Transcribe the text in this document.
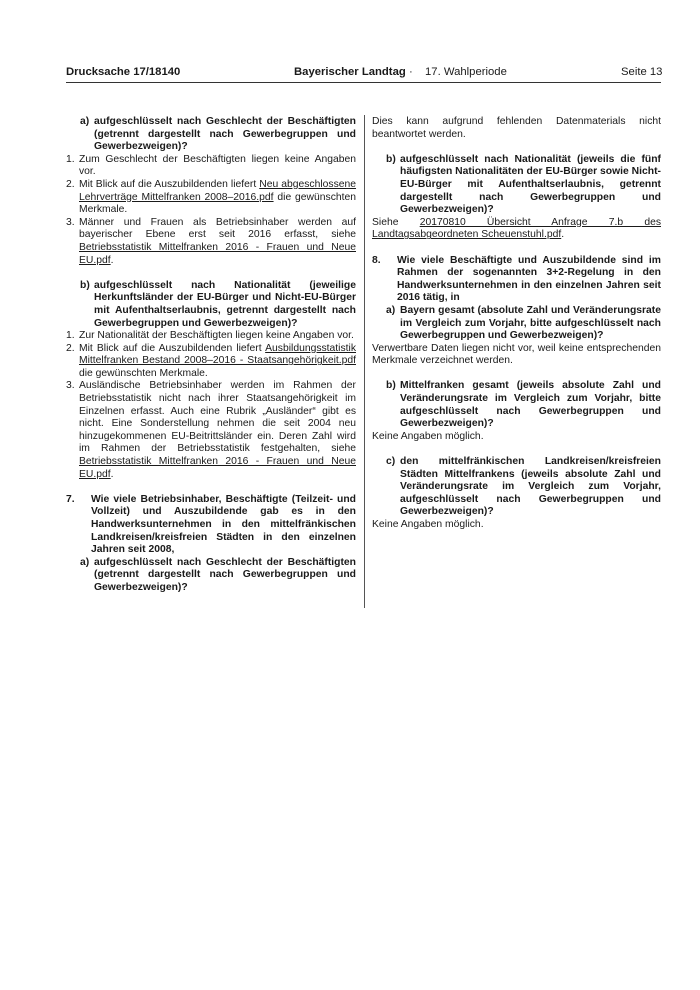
Drucksache 17/18140	Bayerischer Landtag · 17. Wahlperiode	Seite 13
a) aufgeschlüsselt nach Geschlecht der Beschäftigten (getrennt dargestellt nach Gewerbegruppen und Gewerbezweigen)?
1. Zum Geschlecht der Beschäftigten liegen keine Angaben vor.
2. Mit Blick auf die Auszubildenden liefert Neu abgeschlossene Lehrverträge Mittelfranken 2008–2016.pdf die gewünschten Merkmale.
3. Männer und Frauen als Betriebsinhaber werden auf bayerischer Ebene erst seit 2016 erfasst, siehe Betriebsstatistik Mittelfranken 2016 - Frauen und Neue EU.pdf.
b) aufgeschlüsselt nach Nationalität (jeweilige Herkunftsländer der EU-Bürger und Nicht-EU-Bürger mit Aufenthaltserlaubnis, getrennt dargestellt nach Gewerbegruppen und Gewerbezweigen)?
1. Zur Nationalität der Beschäftigten liegen keine Angaben vor.
2. Mit Blick auf die Auszubildenden liefert Ausbildungsstatistik Mittelfranken Bestand 2008–2016 - Staatsangehörigkeit.pdf die gewünschten Merkmale.
3. Ausländische Betriebsinhaber werden im Rahmen der Betriebsstatistik nicht nach ihrer Staatsangehörigkeit im Einzelnen erfasst. Auch eine Rubrik „Ausländer“ gibt es nicht. Eine Sonderstellung nehmen die seit 2004 neu hinzugekommenen EU-Beitrittsländer ein. Deren Zahl wird im Rahmen der Betriebsstatistik festgehalten, siehe Betriebsstatistik Mittelfranken 2016 - Frauen und Neue EU.pdf.
7.	Wie viele Betriebsinhaber, Beschäftigte (Teilzeit- und Vollzeit) und Auszubildende gab es in den Handwerksunternehmen in den mittelfränkischen Landkreisen/kreisfreien Städten in den einzelnen Jahren seit 2008,
a) aufgeschlüsselt nach Geschlecht der Beschäftigten (getrennt dargestellt nach Gewerbegruppen und Gewerbezweigen)?

Dies kann aufgrund fehlenden Datenmaterials nicht beantwortet werden.

b) aufgeschlüsselt nach Nationalität (jeweils die fünf häufigsten Nationalitäten der EU-Bürger sowie Nicht-EU-Bürger mit Aufenthaltserlaubnis, getrennt dargestellt nach Gewerbegruppen und Gewerbezweigen)?

Siehe 20170810 Übersicht Anfrage 7.b des Landtagsabgeordneten Scheuenstuhl.pdf.

8.	Wie viele Beschäftigte und Auszubildende sind im Rahmen der sogenannten 3+2-Regelung in den Handwerksunternehmen in den einzelnen Jahren seit 2016 tätig, in
a) Bayern gesamt (absolute Zahl und Veränderungsrate im Vergleich zum Vorjahr, bitte aufgeschlüsselt nach Gewerbegruppen und Gewerbezweigen)?

Verwertbare Daten liegen nicht vor, weil keine entsprechenden Merkmale verzeichnet werden.

b) Mittelfranken gesamt (jeweils absolute Zahl und Veränderungsrate im Vergleich zum Vorjahr, bitte aufgeschlüsselt nach Gewerbegruppen und Gewerbezweigen)?

Keine Angaben möglich.

c) den mittelfränkischen Landkreisen/kreisfreien Städten Mittelfrankens (jeweils absolute Zahl und Veränderungsrate im Vergleich zum Vorjahr, aufgeschlüsselt nach Gewerbegruppen und Gewerbezweigen)?

Keine Angaben möglich.
